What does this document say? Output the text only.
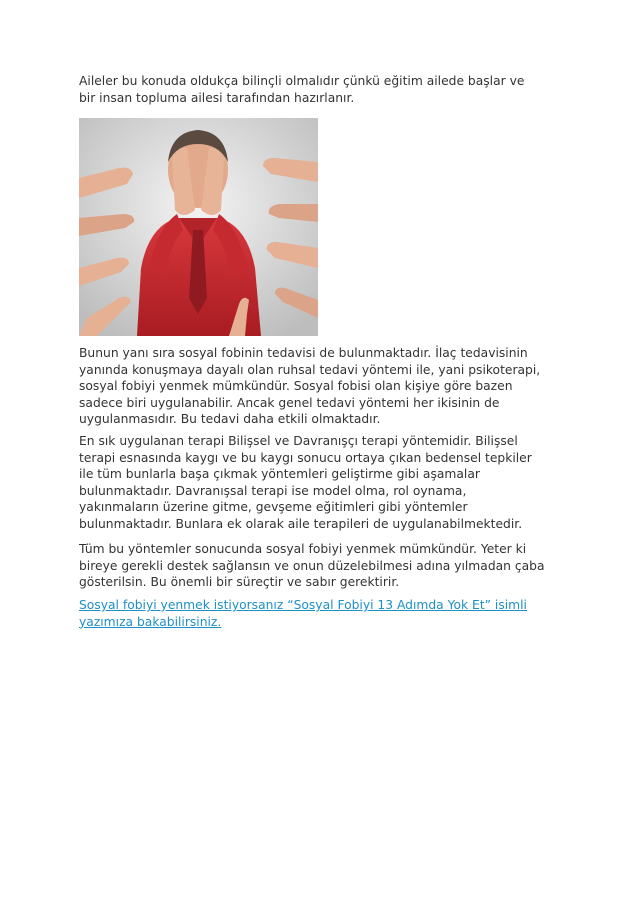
Aileler bu konuda oldukça bilinçli olmalıdır çünkü eğitim ailede başlar ve
bir insan topluma ailesi tarafından hazırlanır.

Bunun yanı sıra sosyal fobinin tedavisi de bulunmaktadır. İlaç tedavisinin
yanında konuşmaya dayalı olan ruhsal tedavi yöntemi ile, yani psikoterapi,
sosyal fobiyi yenmek mümkündür. Sosyal fobisi olan kişiye göre bazen
sadece biri uygulanabilir. Ancak genel tedavi yöntemi her ikisinin de
uygulanmasıdır. Bu tedavi daha etkili olmaktadır.

En sık uygulanan terapi Bilişsel ve Davranışçı terapi yöntemidir. Bilişsel
terapi esnasında kaygı ve bu kaygı sonucu ortaya çıkan bedensel tepkiler
ile tüm bunlarla başa çıkmak yöntemleri geliştirme gibi aşamalar
bulunmaktadır. Davranışsal terapi ise model olma, rol oynama,
yakınmaların üzerine gitme, gevşeme eğitimleri gibi yöntemler
bulunmaktadır. Bunlara ek olarak aile terapileri de uygulanabilmektedir.

Tüm bu yöntemler sonucunda sosyal fobiyi yenmek mümkündür. Yeter ki
bireye gerekli destek sağlansın ve onun düzelebilmesi adına yılmadan çaba
gösterilsin. Bu önemli bir süreçtir ve sabır gerektirir.

Sosyal fobiyi yenmek istiyorsanız “Sosyal Fobiyi 13 Adımda Yok Et” isimli
yazımıza bakabilirsiniz.
